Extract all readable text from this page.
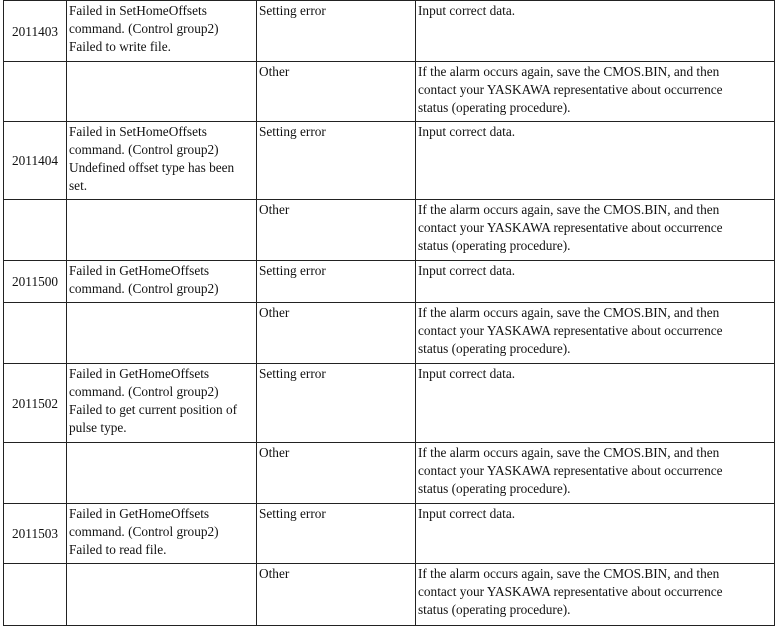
2011403	Failed in SetHomeOffsets
command. (Control group2)
Failed to write file.	Setting error	Input correct data.

		Other	If the alarm occurs again, save the CMOS.BIN, and then
contact your YASKAWA representative about occurrence
status (operating procedure).

2011404	Failed in SetHomeOffsets
command. (Control group2)
Undefined offset type has been
set.	Setting error	Input correct data.

		Other	If the alarm occurs again, save the CMOS.BIN, and then
contact your YASKAWA representative about occurrence
status (operating procedure).

2011500	Failed in GetHomeOffsets
command. (Control group2)	Setting error	Input correct data.

		Other	If the alarm occurs again, save the CMOS.BIN, and then
contact your YASKAWA representative about occurrence
status (operating procedure).

2011502	Failed in GetHomeOffsets
command. (Control group2)
Failed to get current position of
pulse type.	Setting error	Input correct data.

		Other	If the alarm occurs again, save the CMOS.BIN, and then
contact your YASKAWA representative about occurrence
status (operating procedure).

2011503	Failed in GetHomeOffsets
command. (Control group2)
Failed to read file.	Setting error	Input correct data.

		Other	If the alarm occurs again, save the CMOS.BIN, and then
contact your YASKAWA representative about occurrence
status (operating procedure).
